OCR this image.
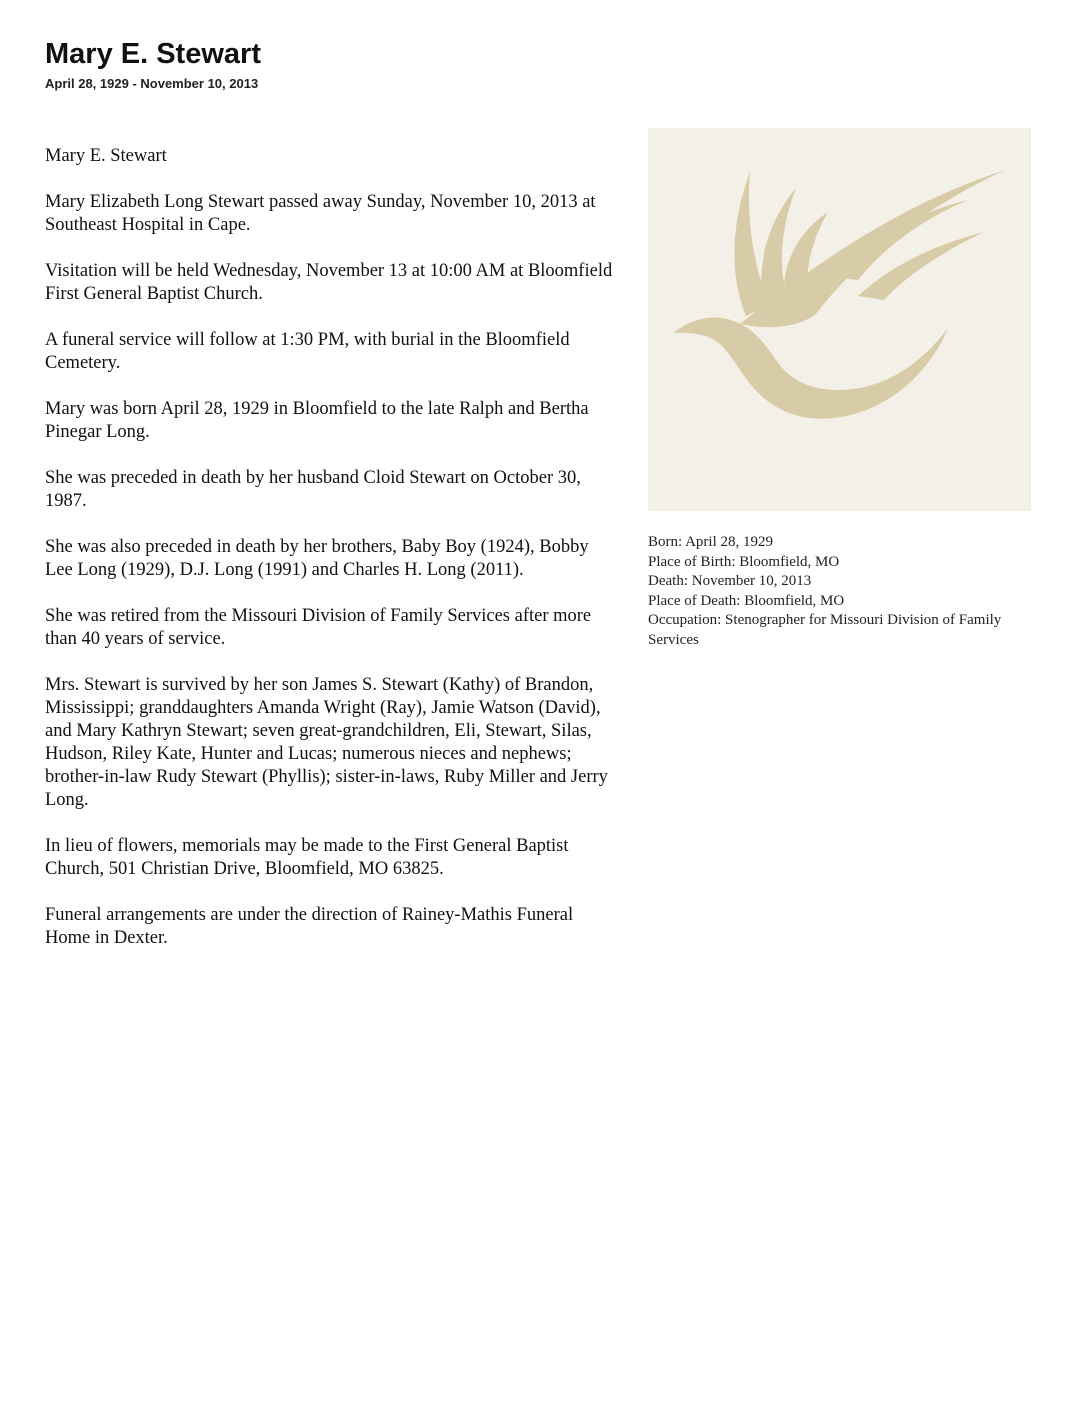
Mary E. Stewart
April 28, 1929 - November 10, 2013

Mary E. Stewart

Mary Elizabeth Long Stewart passed away Sunday, November 10, 2013 at Southeast Hospital in Cape.

Visitation will be held Wednesday, November 13 at 10:00 AM at Bloomfield First General Baptist Church.

A funeral service will follow at 1:30 PM, with burial in the Bloomfield Cemetery.

Mary was born April 28, 1929 in Bloomfield to the late Ralph and Bertha Pinegar Long.

She was preceded in death by her husband Cloid Stewart on October 30, 1987.

She was also preceded in death by her brothers, Baby Boy (1924), Bobby Lee Long (1929), D.J. Long (1991) and Charles H. Long (2011).

She was retired from the Missouri Division of Family Services after more than 40 years of service.

Mrs. Stewart is survived by her son James S. Stewart (Kathy) of Brandon, Mississippi; granddaughters Amanda Wright (Ray), Jamie Watson (David), and Mary Kathryn Stewart; seven great-grandchildren, Eli, Stewart, Silas, Hudson, Riley Kate, Hunter and Lucas; numerous nieces and nephews; brother-in-law Rudy Stewart (Phyllis); sister-in-laws, Ruby Miller and Jerry Long.

In lieu of flowers, memorials may be made to the First General Baptist Church, 501 Christian Drive, Bloomfield, MO 63825.

Funeral arrangements are under the direction of Rainey-Mathis Funeral Home in Dexter.

Born: April 28, 1929
Place of Birth: Bloomfield, MO
Death: November 10, 2013
Place of Death: Bloomfield, MO
Occupation: Stenographer for Missouri Division of Family Services
